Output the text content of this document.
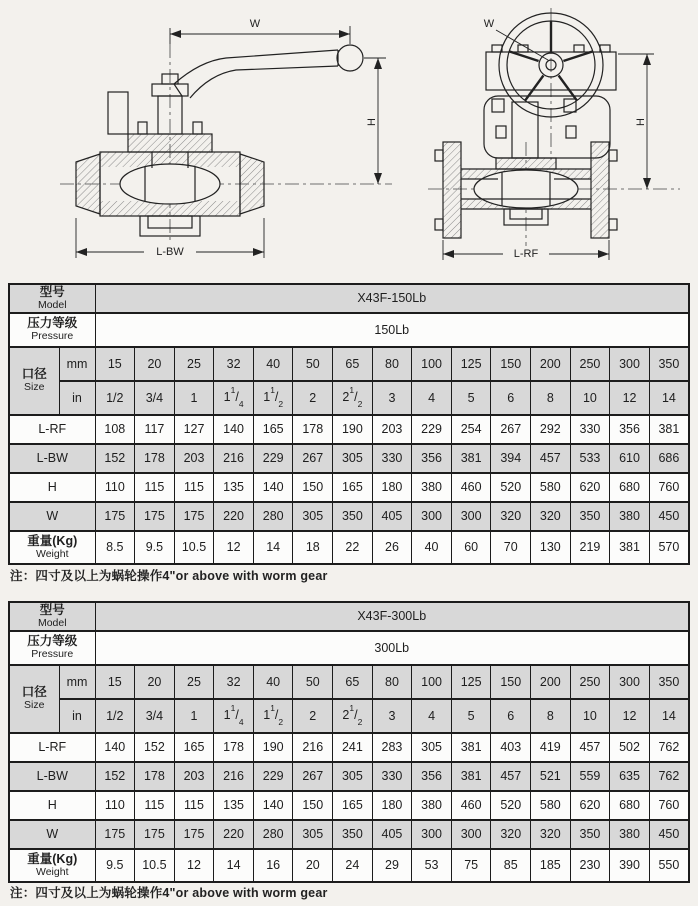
W
H
L-BW
W
H
L-RF
型号
Model		X43F-150Lb														

压力等级
Pressure		150Lb														

口径
Size	mm	15	20	25	32	40	50	65	80	100	125	150	200	250	300	350
	in	1/2	3/4	1	$1^1/_4$	$1^1/_2$	2	$2^1/_2$	3	4	5	6	8	10	12	14
L-RF		108	117	127	140	165	178	190	203	229	254	267	292	330	356	381
L-BW		152	178	203	216	229	267	305	330	356	381	394	457	533	610	686
H		110	115	115	135	140	150	165	180	380	460	520	580	620	680	760
W		175	175	175	220	280	305	350	405	300	300	320	320	350	380	450

重量(Kg)
Weight		8.5	9.5	10.5	12	14	18	22	26	40	60	70	130	219	381	570
注：四寸及以上为蜗轮操作4"or above with worm gear
型号
Model		X43F-300Lb														

压力等级
Pressure		300Lb														

口径
Size	mm	15	20	25	32	40	50	65	80	100	125	150	200	250	300	350
	in	1/2	3/4	1	$1^1/_4$	$1^1/_2$	2	$2^1/_2$	3	4	5	6	8	10	12	14
L-RF		140	152	165	178	190	216	241	283	305	381	403	419	457	502	762
L-BW		152	178	203	216	229	267	305	330	356	381	457	521	559	635	762
H		110	115	115	135	140	150	165	180	380	460	520	580	620	680	760
W		175	175	175	220	280	305	350	405	300	300	320	320	350	380	450

重量(Kg)
Weight		9.5	10.5	12	14	16	20	24	29	53	75	85	185	230	390	550
注：四寸及以上为蜗轮操作4"or above with worm gear
